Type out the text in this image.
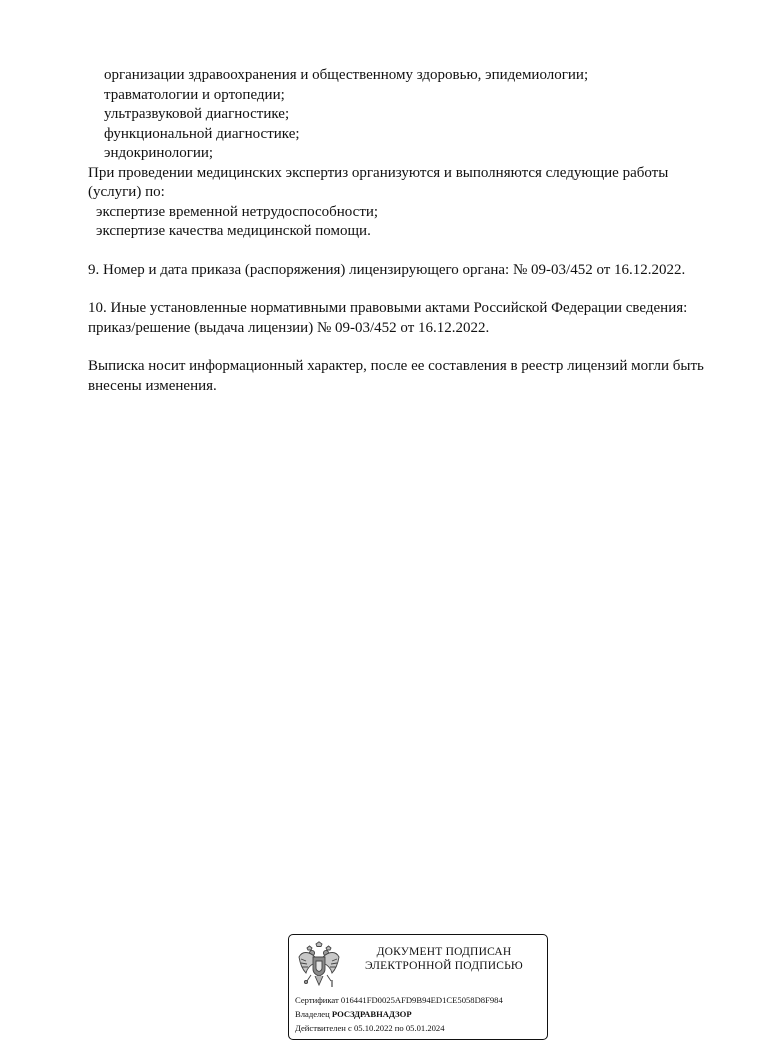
организации здравоохранения и общественному здоровью, эпидемиологии;
травматологии и ортопедии;
ультразвуковой диагностике;
функциональной диагностике;
эндокринологии;
При проведении медицинских экспертиз организуются и выполняются следующие работы
(услуги) по:
экспертизе временной нетрудоспособности;
экспертизе качества медицинской помощи.
9. Номер и дата приказа (распоряжения) лицензирующего органа: № 09-03/452 от 16.12.2022.
10. Иные установленные нормативными правовыми актами Российской Федерации сведения:
приказ/решение (выдача лицензии) № 09-03/452 от 16.12.2022.
Выписка носит информационный характер, после ее составления в реестр лицензий могли быть
внесены изменения.
ДОКУМЕНТ ПОДПИСАН
ЭЛЕКТРОННОЙ ПОДПИСЬЮ
Сертификат 016441FD0025AFD9B94ED1CE5058D8F984
Владелец РОСЗДРАВНАДЗОР
Действителен с 05.10.2022 по 05.01.2024
